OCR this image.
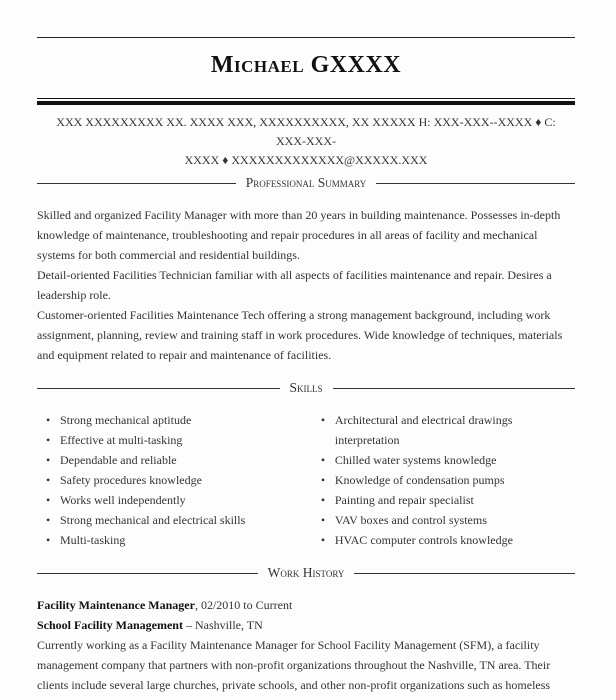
Michael GXXXX
XXX XXXXXXXXX XX. XXXX XXX, XXXXXXXXXX, XX XXXXX H: XXX-XXX--XXXX ♦ C: XXX-XXX-
XXXX ♦ XXXXXXXXXXXXX@XXXXX.XXX
Professional Summary
Skilled and organized Facility Manager with more than 20 years in building maintenance. Possesses in-depth knowledge of maintenance, troubleshooting and repair procedures in all areas of facility and mechanical systems for both commercial and residential buildings.
Detail-oriented Facilities Technician familiar with all aspects of facilities maintenance and repair. Desires a leadership role.
Customer-oriented Facilities Maintenance Tech offering a strong management background, including work assignment, planning, review and training staff in work procedures. Wide knowledge of techniques, materials and equipment related to repair and maintenance of facilities.
Skills
• Strong mechanical aptitude
• Effective at multi-tasking
• Dependable and reliable
• Safety procedures knowledge
• Works well independently
• Strong mechanical and electrical skills
• Multi-tasking
• Architectural and electrical drawings interpretation
• Chilled water systems knowledge
• Knowledge of condensation pumps
• Painting and repair specialist
• VAV boxes and control systems
• HVAC computer controls knowledge
Work History
Facility Maintenance Manager, 02/2010 to Current
School Facility Management – Nashville, TN
Currently working as a Facility Maintenance Manager for School Facility Management (SFM), a facility management company that partners with non-profit organizations throughout the Nashville, TN area. Their clients include several large churches, private schools, and other non-profit organizations such as homeless
